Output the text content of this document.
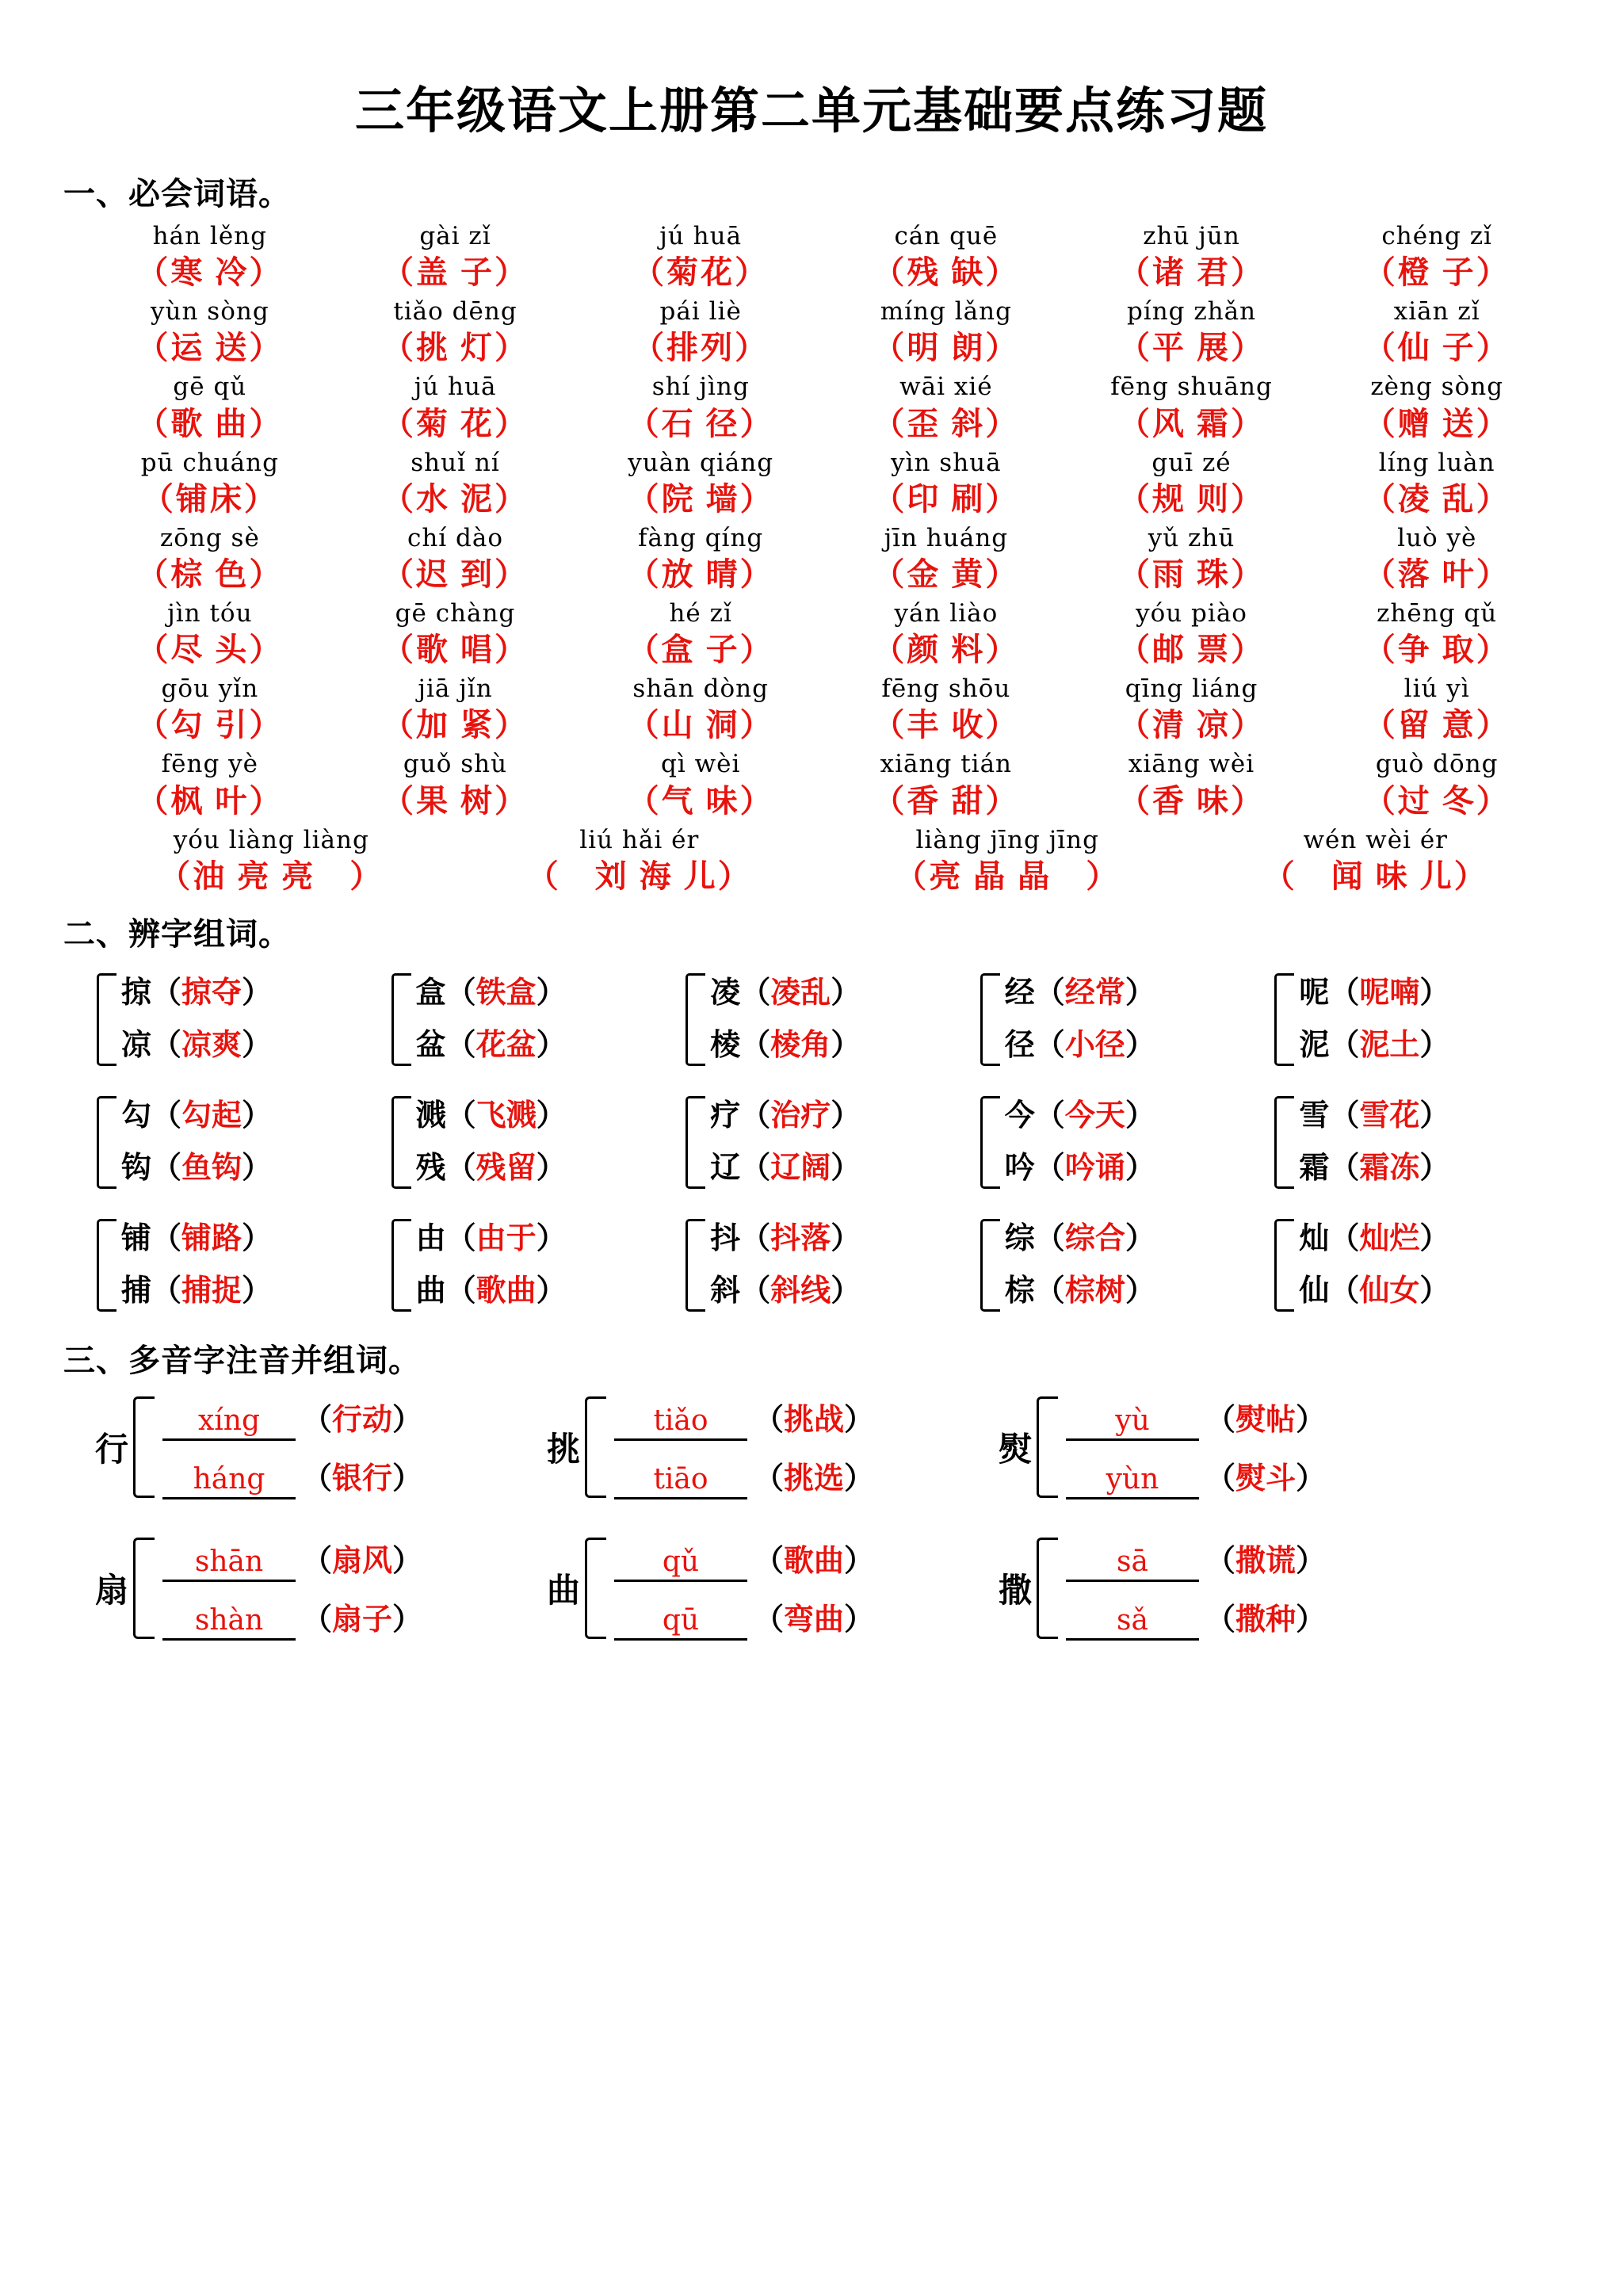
三年级语文上册第二单元基础要点练习题
一、必会词语。
hán lěng
（寒 冷）
gài zǐ
（盖 子）
jú huā
（菊花）
cán quē
（残 缺）
zhū jūn
（诸 君）
chéng zǐ
（橙 子）
yùn sòng
（运 送）
tiǎo dēng
（挑 灯）
pái liè
（排列）
míng lǎng
（明 朗）
píng zhǎn
（平 展）
xiān zǐ
（仙 子）
gē qǔ
（歌 曲）
jú huā
（菊 花）
shí jìng
（石 径）
wāi xié
（歪 斜）
fēng shuāng
（风 霜）
zèng sòng
（赠 送）
pū chuáng
（铺床）
shuǐ ní
（水 泥）
yuàn qiáng
（院 墙）
yìn shuā
（印 刷）
guī zé
（规 则）
líng luàn
（凌 乱）
zōng sè
（棕 色）
chí dào
（迟 到）
fàng qíng
（放 晴）
jīn huáng
（金 黄）
yǔ zhū
（雨 珠）
luò yè
（落 叶）
jìn tóu
（尽 头）
gē chàng
（歌 唱）
hé zǐ
（盒 子）
yán liào
（颜 料）
yóu piào
（邮 票）
zhēng qǔ
（争 取）
gōu yǐn
（勾 引）
jiā jǐn
（加 紧）
shān dòng
（山 洞）
fēng shōu
（丰 收）
qīng liáng
（清 凉）
liú yì
（留 意）
fēng yè
（枫 叶）
guǒ shù
（果 树）
qì wèi
（气 味）
xiāng tián
（香 甜）
xiāng wèi
（香 味）
guò dōng
（过 冬）
yóu liàng liàng
（油 亮 亮　）
liú hǎi ér
（　刘 海 儿）
liàng jīng jīng
（亮 晶 晶　）
wén wèi ér
（　闻 味 儿）
二、辨字组词。
掠（掠夺）
凉（凉爽）
盒（铁盒）
盆（花盆）
凌（凌乱）
棱（棱角）
经（经常）
径（小径）
呢（呢喃）
泥（泥土）
勾（勾起）
钩（鱼钩）
溅（飞溅）
残（残留）
疗（治疗）
辽（辽阔）
今（今天）
吟（吟诵）
雪（雪花）
霜（霜冻）
铺（铺路）
捕（捕捉）
由（由于）
曲（歌曲）
抖（抖落）
斜（斜线）
综（综合）
棕（棕树）
灿（灿烂）
仙（仙女）
三、多音字注音并组词。
行
xíng	（行动）
háng	（银行）
挑
tiǎo	（挑战）
tiāo	（挑选）
熨
yù	（熨帖）
yùn	（熨斗）
扇
shān	（扇风）
shàn	（扇子）
曲
qǔ	（歌曲）
qū	（弯曲）
撒
sā	（撒谎）
sǎ	（撒种）
